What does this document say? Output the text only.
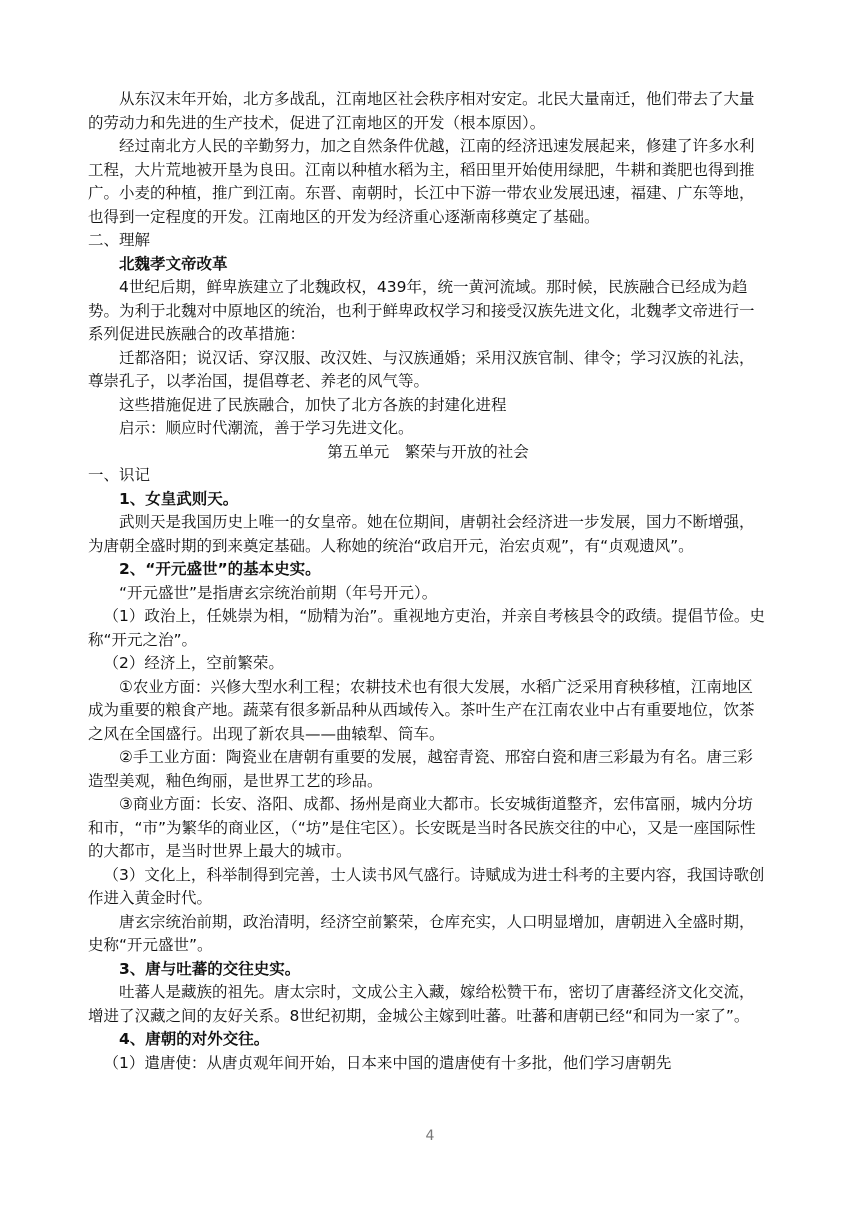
从东汉末年开始，北方多战乱，江南地区社会秩序相对安定。北民大量南迁，他们带去了大量的劳动力和先进的生产技术，促进了江南地区的开发（根本原因）。

经过南北方人民的辛勤努力，加之自然条件优越，江南的经济迅速发展起来，修建了许多水利工程，大片荒地被开垦为良田。江南以种植水稻为主，稻田里开始使用绿肥，牛耕和粪肥也得到推广。小麦的种植，推广到江南。东晋、南朝时，长江中下游一带农业发展迅速，福建、广东等地，也得到一定程度的开发。江南地区的开发为经济重心逐渐南移奠定了基础。

二、理解

北魏孝文帝改革

4世纪后期，鲜卑族建立了北魏政权，439年，统一黄河流域。那时候，民族融合已经成为趋势。为利于北魏对中原地区的统治，也利于鲜卑政权学习和接受汉族先进文化，北魏孝文帝进行一系列促进民族融合的改革措施：

迁都洛阳；说汉话、穿汉服、改汉姓、与汉族通婚；采用汉族官制、律令；学习汉族的礼法，尊崇孔子，以孝治国，提倡尊老、养老的风气等。

这些措施促进了民族融合，加快了北方各族的封建化进程

启示：顺应时代潮流，善于学习先进文化。

第五单元　繁荣与开放的社会

一、识记

1、女皇武则天。

武则天是我国历史上唯一的女皇帝。她在位期间，唐朝社会经济进一步发展，国力不断增强，为唐朝全盛时期的到来奠定基础。人称她的统治“政启开元，治宏贞观”，有“贞观遗风”。

2、“开元盛世”的基本史实。

“开元盛世”是指唐玄宗统治前期（年号开元）。

（1）政治上，任姚崇为相，“励精为治”。重视地方吏治，并亲自考核县令的政绩。提倡节俭。史称“开元之治”。

（2）经济上，空前繁荣。

①农业方面：兴修大型水利工程；农耕技术也有很大发展，水稻广泛采用育秧移植，江南地区成为重要的粮食产地。蔬菜有很多新品种从西域传入。茶叶生产在江南农业中占有重要地位，饮茶之风在全国盛行。出现了新农具——曲辕犁、筒车。

②手工业方面：陶瓷业在唐朝有重要的发展，越窑青瓷、邢窑白瓷和唐三彩最为有名。唐三彩造型美观，釉色绚丽，是世界工艺的珍品。

③商业方面：长安、洛阳、成都、扬州是商业大都市。长安城街道整齐，宏伟富丽，城内分坊和市，“市”为繁华的商业区，（“坊”是住宅区）。长安既是当时各民族交往的中心，又是一座国际性的大都市，是当时世界上最大的城市。

（3）文化上，科举制得到完善，士人读书风气盛行。诗赋成为进士科考的主要内容，我国诗歌创作进入黄金时代。

唐玄宗统治前期，政治清明，经济空前繁荣，仓库充实，人口明显增加，唐朝进入全盛时期，史称“开元盛世”。

3、唐与吐蕃的交往史实。

吐蕃人是藏族的祖先。唐太宗时，文成公主入藏，嫁给松赞干布，密切了唐蕃经济文化交流，增进了汉藏之间的友好关系。8世纪初期，金城公主嫁到吐蕃。吐蕃和唐朝已经“和同为一家了”。

4、唐朝的对外交往。

（1）遣唐使：从唐贞观年间开始，日本来中国的遣唐使有十多批，他们学习唐朝先

4
